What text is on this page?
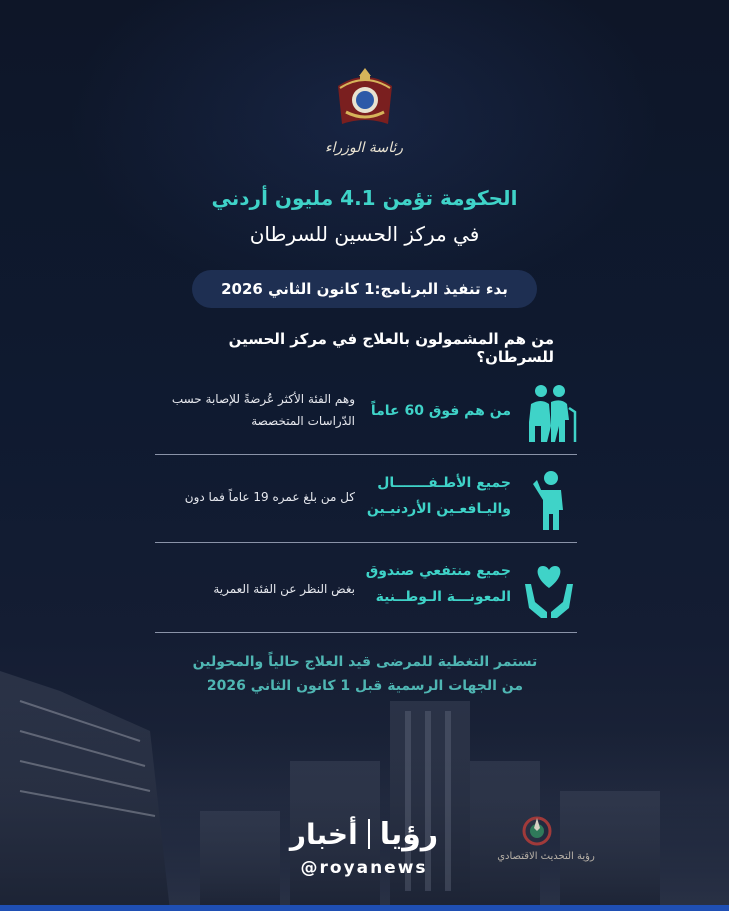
رئاسة الوزراء
الحكومة تؤمن 4.1 مليون أردني
في مركز الحسين للسرطان
بدء تنفيذ البرنامج:1 كانون الثاني 2026
من هم المشمولون بالعلاج في مركز الحسين للسرطان؟
من هم فوق 60 عاماً
وهم الفئة الأكثر عُرضةً للإصابة حسب الدّراسات المتخصصة
جميع الأطـفـــــــال واليـافعـين الأردنيـين
كل من بلغ عمره 19 عاماً فما دون
جميع منتفعي صندوق المعونـــة الـوطــنية
بغض النظر عن الفئة العمرية
تستمر التغطية للمرضى قيد العلاج حالياً والمحولين
من الجهات الرسمية قبل 1 كانون الثاني 2026
رؤيا
أخبار
@royanews
رؤية التحديث الاقتصادي
